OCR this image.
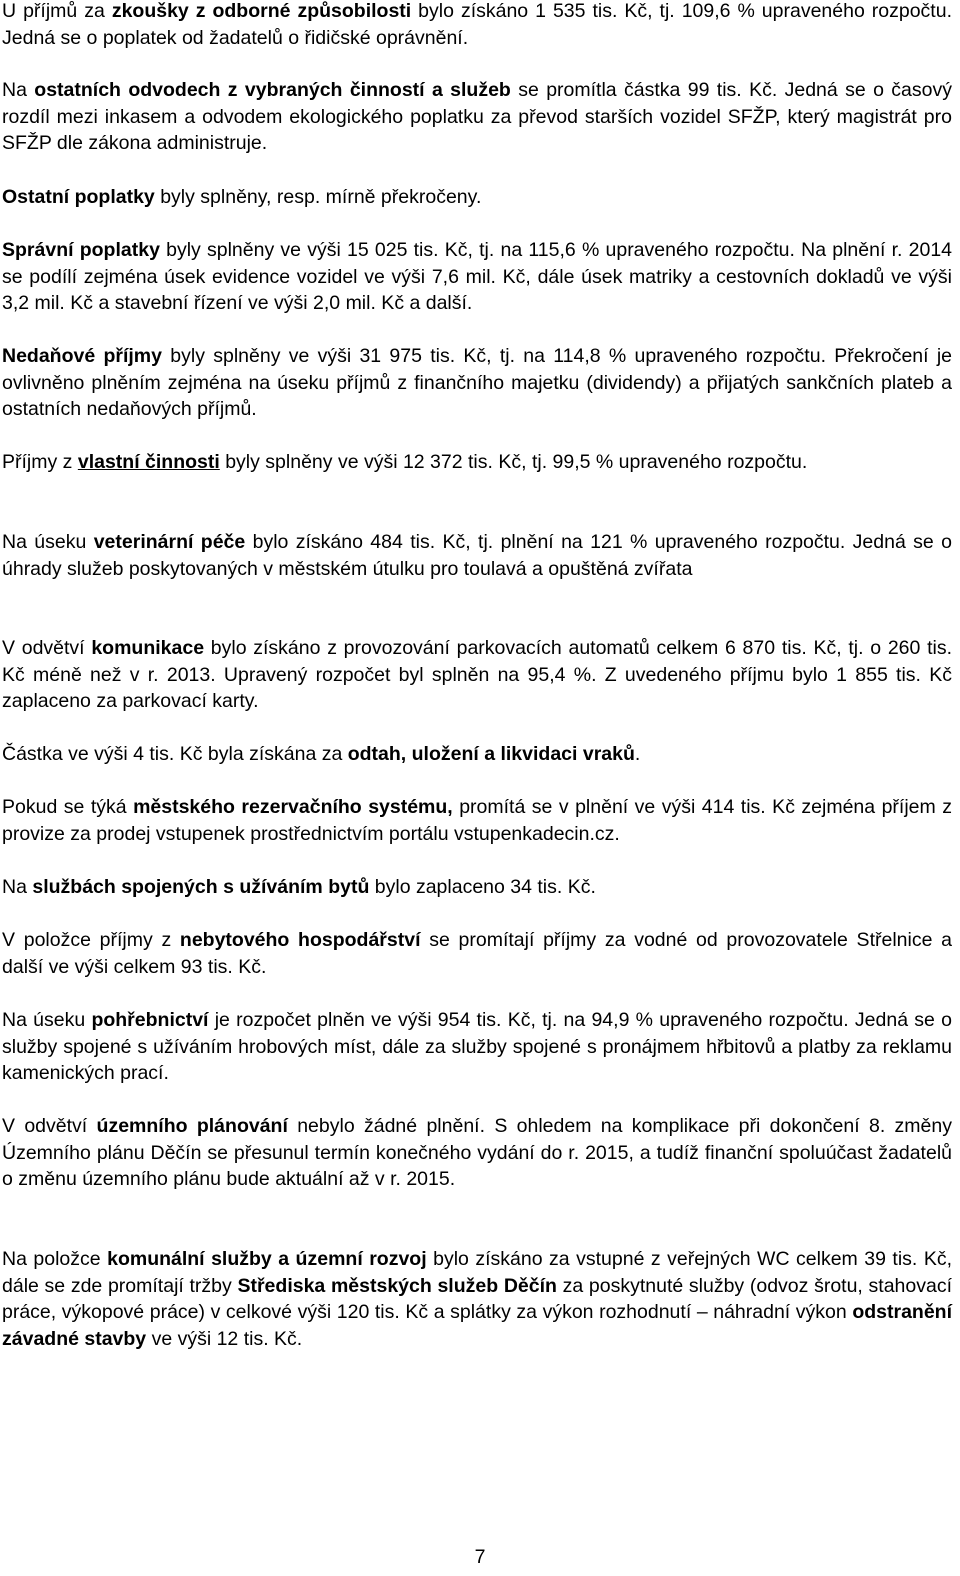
U příjmů za zkoušky z odborné způsobilosti bylo získáno 1 535 tis. Kč, tj. 109,6 % upraveného rozpočtu. Jedná se o poplatek od žadatelů o řidičské oprávnění.

Na ostatních odvodech z vybraných činností a služeb se promítla částka 99 tis. Kč. Jedná se o časový rozdíl mezi inkasem a odvodem ekologického poplatku za převod starších vozidel SFŽP, který magistrát pro SFŽP dle zákona administruje.

Ostatní poplatky byly splněny, resp. mírně překročeny.

Správní poplatky byly splněny ve výši 15 025 tis. Kč, tj. na 115,6 % upraveného rozpočtu. Na plnění r. 2014 se podílí zejména úsek evidence vozidel ve výši 7,6 mil. Kč, dále úsek matriky a cestovních dokladů ve výši 3,2 mil. Kč a stavební řízení ve výši 2,0 mil. Kč a další.

Nedaňové příjmy byly splněny ve výši 31 975 tis. Kč, tj. na 114,8 % upraveného rozpočtu. Překročení je ovlivněno plněním zejména na úseku příjmů z finančního majetku (dividendy) a přijatých sankčních plateb a ostatních nedaňových příjmů.

Příjmy z vlastní činnosti byly splněny ve výši 12 372 tis. Kč, tj. 99,5 % upraveného rozpočtu.

Na úseku veterinární péče bylo získáno 484 tis. Kč, tj. plnění na 121 % upraveného rozpočtu. Jedná se o úhrady služeb poskytovaných v městském útulku pro toulavá a opuštěná zvířata

V odvětví komunikace bylo získáno z provozování parkovacích automatů celkem 6 870 tis. Kč, tj. o 260 tis. Kč méně než v r. 2013. Upravený rozpočet byl splněn na 95,4 %. Z uvedeného příjmu bylo 1 855 tis. Kč zaplaceno za parkovací karty.

Částka ve výši 4 tis. Kč byla získána za odtah, uložení a likvidaci vraků.

Pokud se týká městského rezervačního systému, promítá se v plnění ve výši 414 tis. Kč zejména příjem z provize za prodej vstupenek prostřednictvím portálu vstupenkadecin.cz.

Na službách spojených s užíváním bytů bylo zaplaceno 34 tis. Kč.

V položce příjmy z nebytového hospodářství se promítají příjmy za vodné od provozovatele Střelnice a další ve výši celkem 93 tis. Kč.

Na úseku pohřebnictví je rozpočet plněn ve výši 954 tis. Kč, tj. na 94,9 % upraveného rozpočtu. Jedná se o služby spojené s užíváním hrobových míst, dále za služby spojené s pronájmem hřbitovů a platby za reklamu kamenických prací.

V odvětví územního plánování nebylo žádné plnění. S ohledem na komplikace při dokončení 8. změny Územního plánu Děčín se přesunul termín konečného vydání do r. 2015, a tudíž finanční spoluúčast žadatelů o změnu územního plánu bude aktuální až v r. 2015.

Na položce komunální služby a územní rozvoj bylo získáno za vstupné z veřejných WC celkem 39 tis. Kč, dále se zde promítají tržby Střediska městských služeb Děčín za poskytnuté služby (odvoz šrotu, stahovací práce, výkopové práce) v celkové výši 120 tis. Kč a splátky za výkon rozhodnutí – náhradní výkon odstranění závadné stavby ve výši 12 tis. Kč.

7
